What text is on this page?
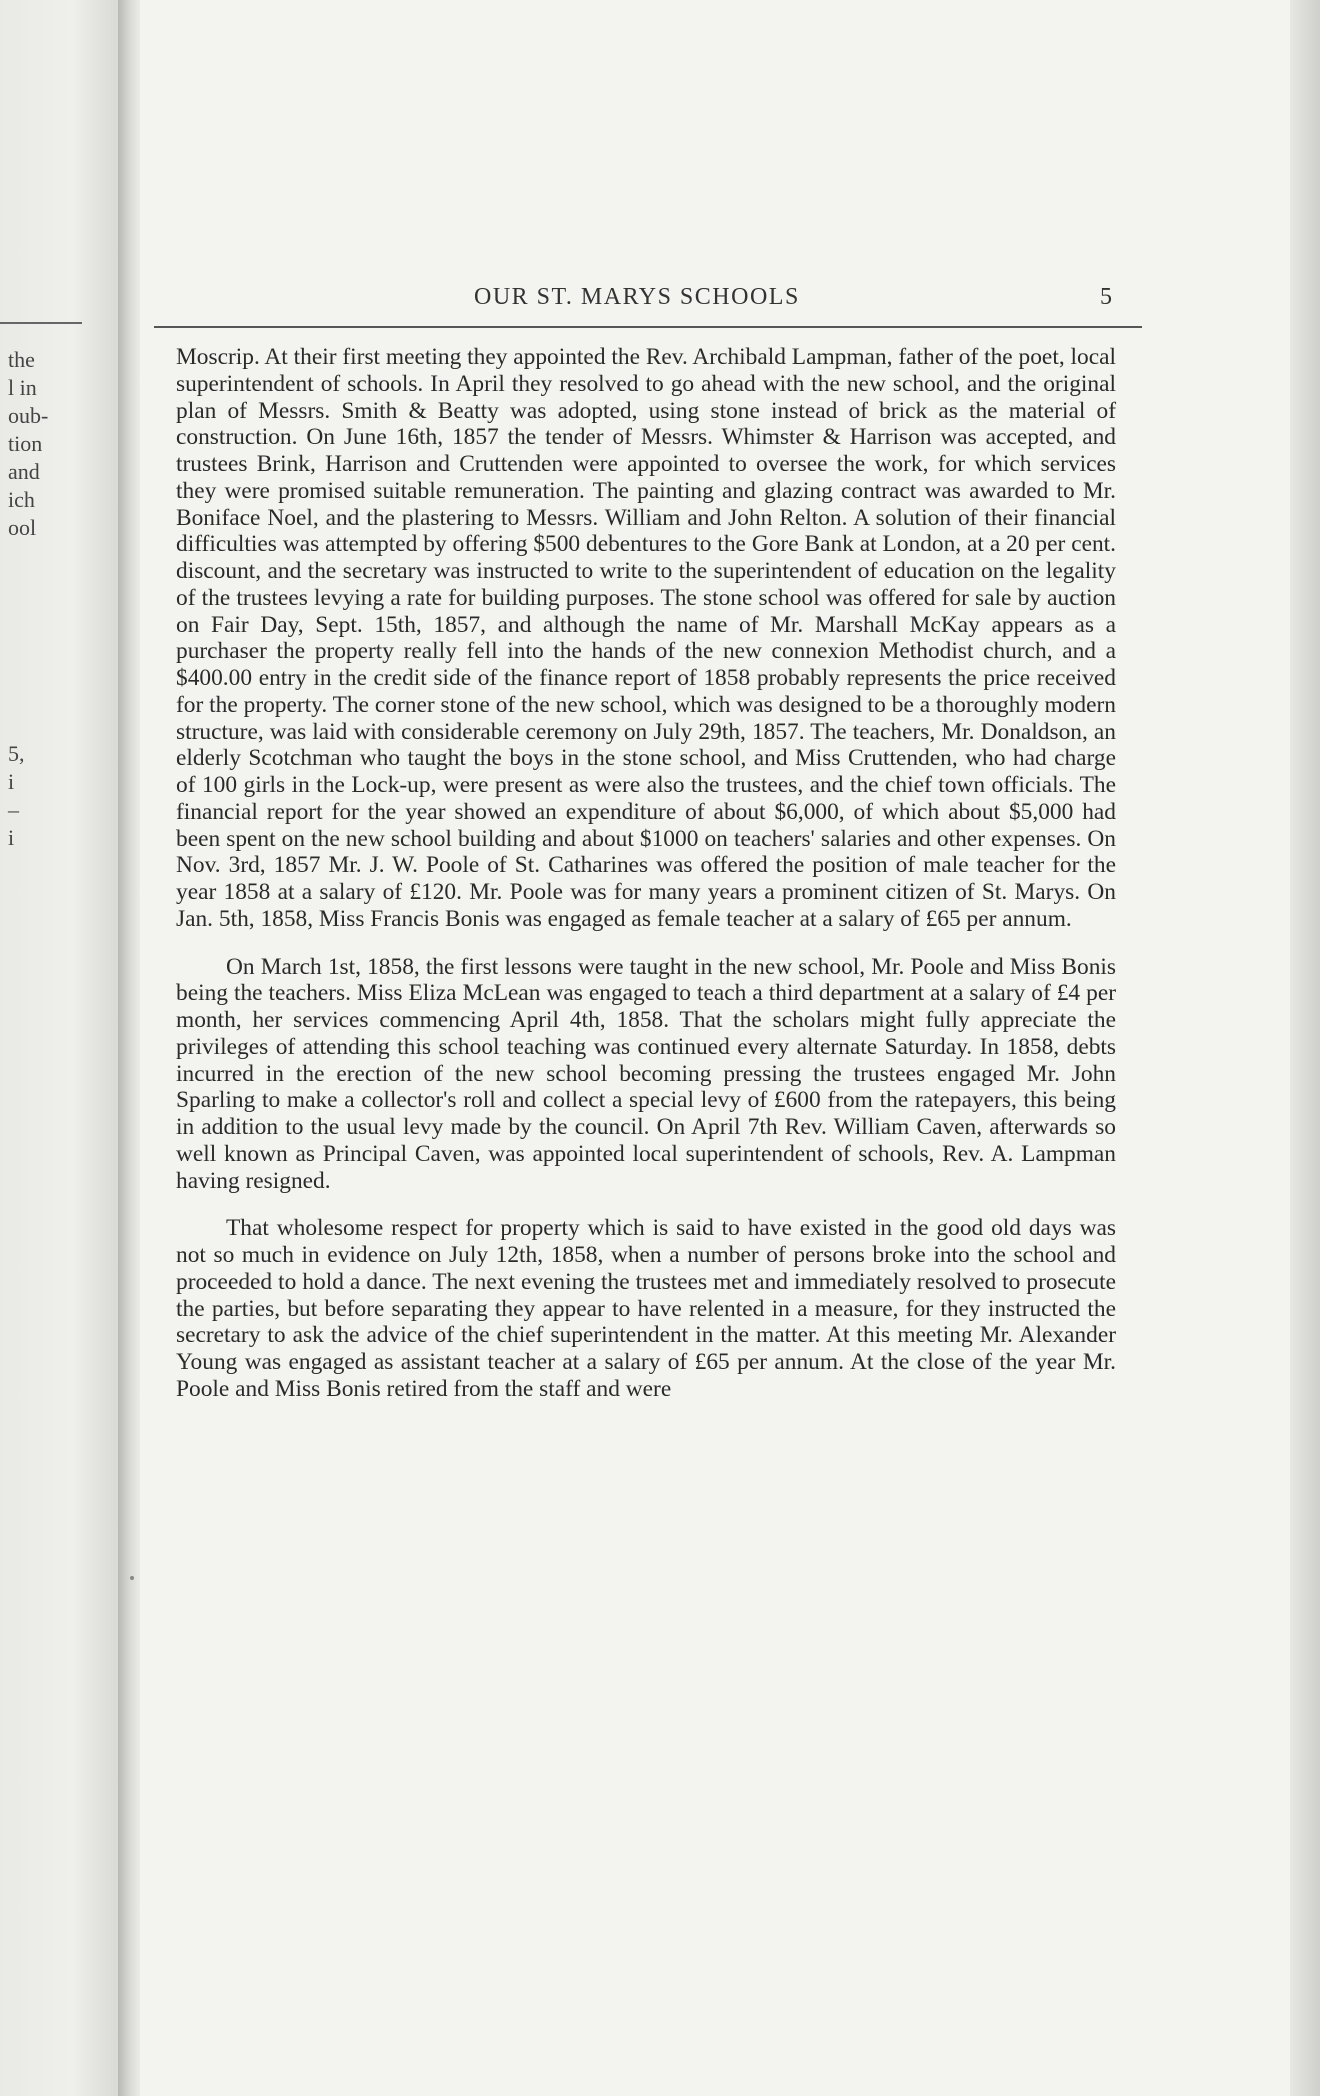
the
l in
oub-
tion
and
ich
ool
5,
i
–
i
OUR ST. MARYS SCHOOLS	5

Moscrip. At their first meeting they appointed the Rev. Archibald Lampman, father of the poet, local superintendent of schools. In April they resolved to go ahead with the new school, and the original plan of Messrs. Smith & Beatty was adopted, using stone instead of brick as the material of construction. On June 16th, 1857 the tender of Messrs. Whimster & Harrison was accepted, and trustees Brink, Harrison and Cruttenden were appointed to oversee the work, for which services they were promised suitable remuneration. The painting and glazing contract was awarded to Mr. Boniface Noel, and the plastering to Messrs. William and John Relton. A solution of their financial difficulties was attempted by offering $500 debentures to the Gore Bank at London, at a 20 per cent. discount, and the secretary was instructed to write to the superintendent of education on the legality of the trustees levying a rate for building purposes. The stone school was offered for sale by auction on Fair Day, Sept. 15th, 1857, and although the name of Mr. Marshall McKay appears as a purchaser the property really fell into the hands of the new connexion Methodist church, and a $400.00 entry in the credit side of the finance report of 1858 probably represents the price received for the property. The corner stone of the new school, which was designed to be a thoroughly modern structure, was laid with considerable ceremony on July 29th, 1857. The teachers, Mr. Donaldson, an elderly Scotchman who taught the boys in the stone school, and Miss Cruttenden, who had charge of 100 girls in the Lock-up, were present as were also the trustees, and the chief town officials. The financial report for the year showed an expenditure of about $6,000, of which about $5,000 had been spent on the new school building and about $1000 on teachers' salaries and other expenses. On Nov. 3rd, 1857 Mr. J. W. Poole of St. Catharines was offered the position of male teacher for the year 1858 at a salary of £120. Mr. Poole was for many years a prominent citizen of St. Marys. On Jan. 5th, 1858, Miss Francis Bonis was engaged as female teacher at a salary of £65 per annum.

On March 1st, 1858, the first lessons were taught in the new school, Mr. Poole and Miss Bonis being the teachers. Miss Eliza McLean was engaged to teach a third department at a salary of £4 per month, her services commencing April 4th, 1858. That the scholars might fully appreciate the privileges of attending this school teaching was continued every alternate Saturday. In 1858, debts incurred in the erection of the new school becoming pressing the trustees engaged Mr. John Sparling to make a collector's roll and collect a special levy of £600 from the ratepayers, this being in addition to the usual levy made by the council. On April 7th Rev. William Caven, afterwards so well known as Principal Caven, was appointed local superintendent of schools, Rev. A. Lampman having resigned.

That wholesome respect for property which is said to have existed in the good old days was not so much in evidence on July 12th, 1858, when a number of persons broke into the school and proceeded to hold a dance. The next evening the trustees met and immediately resolved to prosecute the parties, but before separating they appear to have relented in a measure, for they instructed the secretary to ask the advice of the chief superintendent in the matter. At this meeting Mr. Alexander Young was engaged as assistant teacher at a salary of £65 per annum. At the close of the year Mr. Poole and Miss Bonis retired from the staff and were
